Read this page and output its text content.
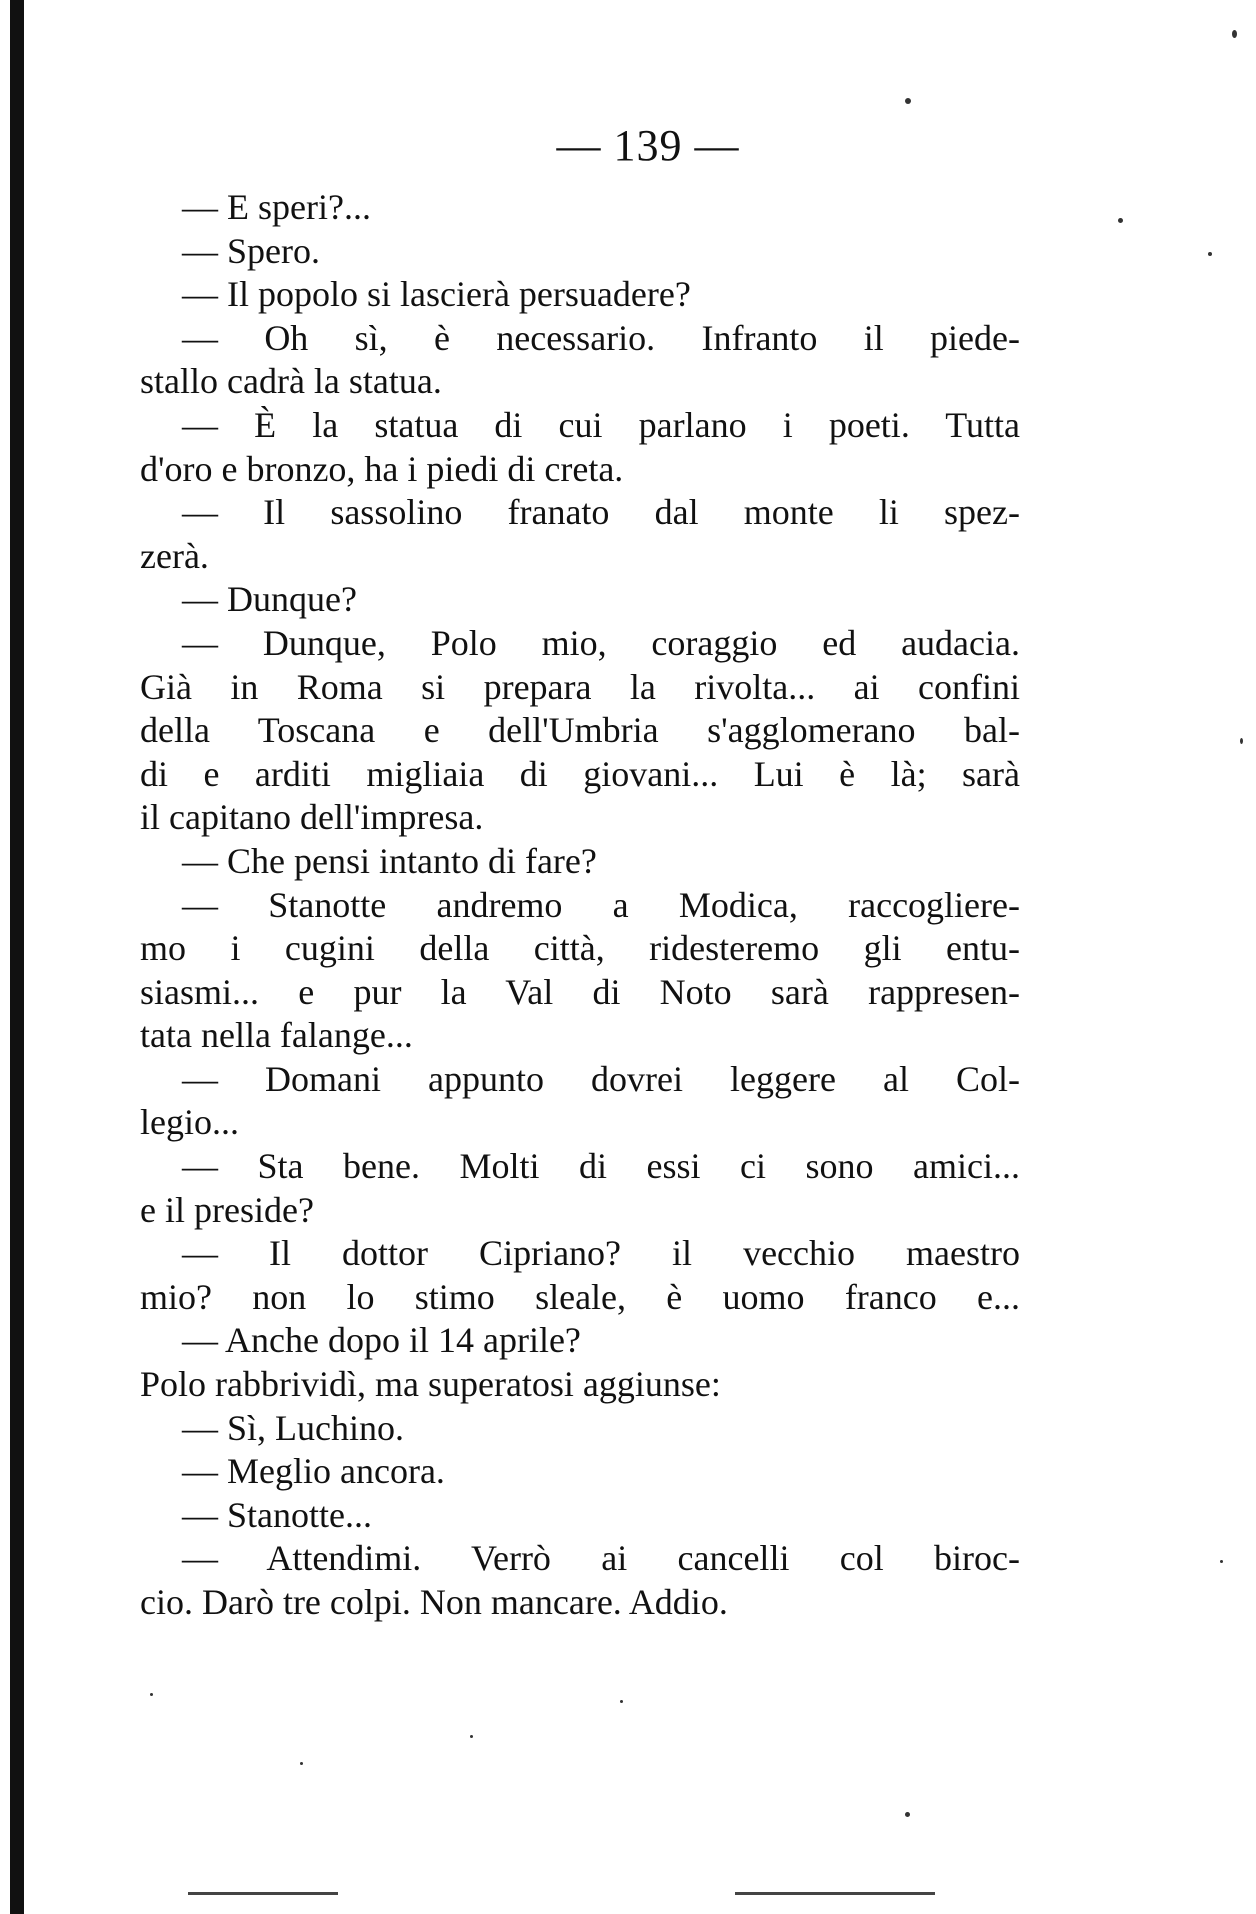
— 139 —
— E speri?...
— Spero.
— Il popolo si lascierà persuadere?
— Oh sì, è necessario. Infranto il piede-
stallo cadrà la statua.
— È la statua di cui parlano i poeti. Tutta
d'oro e bronzo, ha i piedi di creta.
— Il sassolino franato dal monte li spez-
zerà.
— Dunque?
— Dunque, Polo mio, coraggio ed audacia.
Già in Roma si prepara la rivolta... ai confini
della Toscana e dell'Umbria s'agglomerano bal-
di e arditi migliaia di giovani... Lui è là; sarà
il capitano dell'impresa.
— Che pensi intanto di fare?
— Stanotte andremo a Modica, raccoglierе-
mo i cugini della città, ridesteremo gli entu-
siasmi... e pur la Val di Noto sarà rappresen-
tata nella falange...
— Domani appunto dovrei leggere al Col-
legio...
— Sta bene. Molti di essi ci sono amici...
e il preside?
— Il dottor Cipriano? il vecchio maestro
mio? non lo stimo sleale, è uomo franco e...
— Anche dopo il 14 aprile?
Polo rabbrividì, ma superatosi aggiunse:
— Sì, Luchino.
— Meglio ancora.
— Stanotte...
— Attendimi. Verrò ai cancelli col biroc-
cio. Darò tre colpi. Non mancare. Addio.
